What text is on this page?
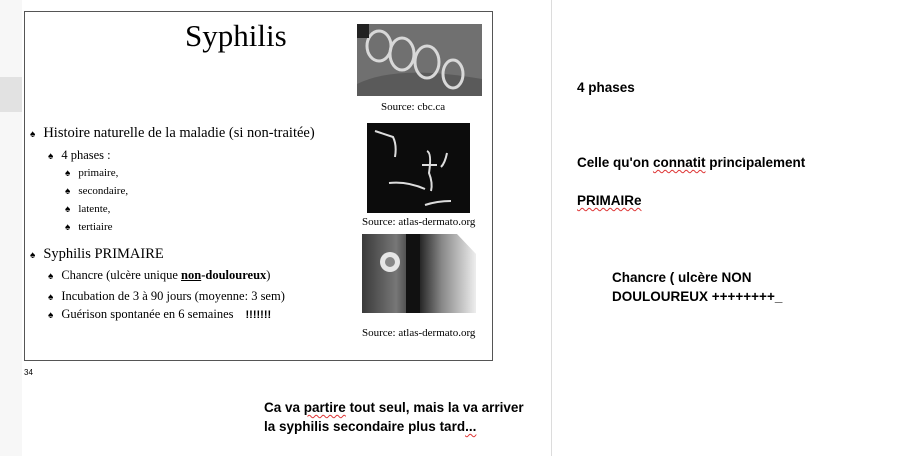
Syphilis
Source: cbc.ca
Source: atlas-dermato.org
Source: atlas-dermato.org
♠ Histoire naturelle de la maladie (si non-traitée)
♠ 4 phases :
♠ primaire,
♠ secondaire,
♠ latente,
♠ tertiaire
♠ Syphilis PRIMAIRE
♠ Chancre (ulcère unique non-douloureux)
♠ Incubation de 3 à 90 jours (moyenne: 3 sem)
♠ Guérison spontanée en 6 semaines !!!!!!!
34
4 phases
Celle qu'on connatit principalement
PRIMAIRe
Chancre ( ulcère NON
DOULOUREUX ++++++++_
Ca va partire tout seul, mais la va arriver
la syphilis secondaire plus tard...
